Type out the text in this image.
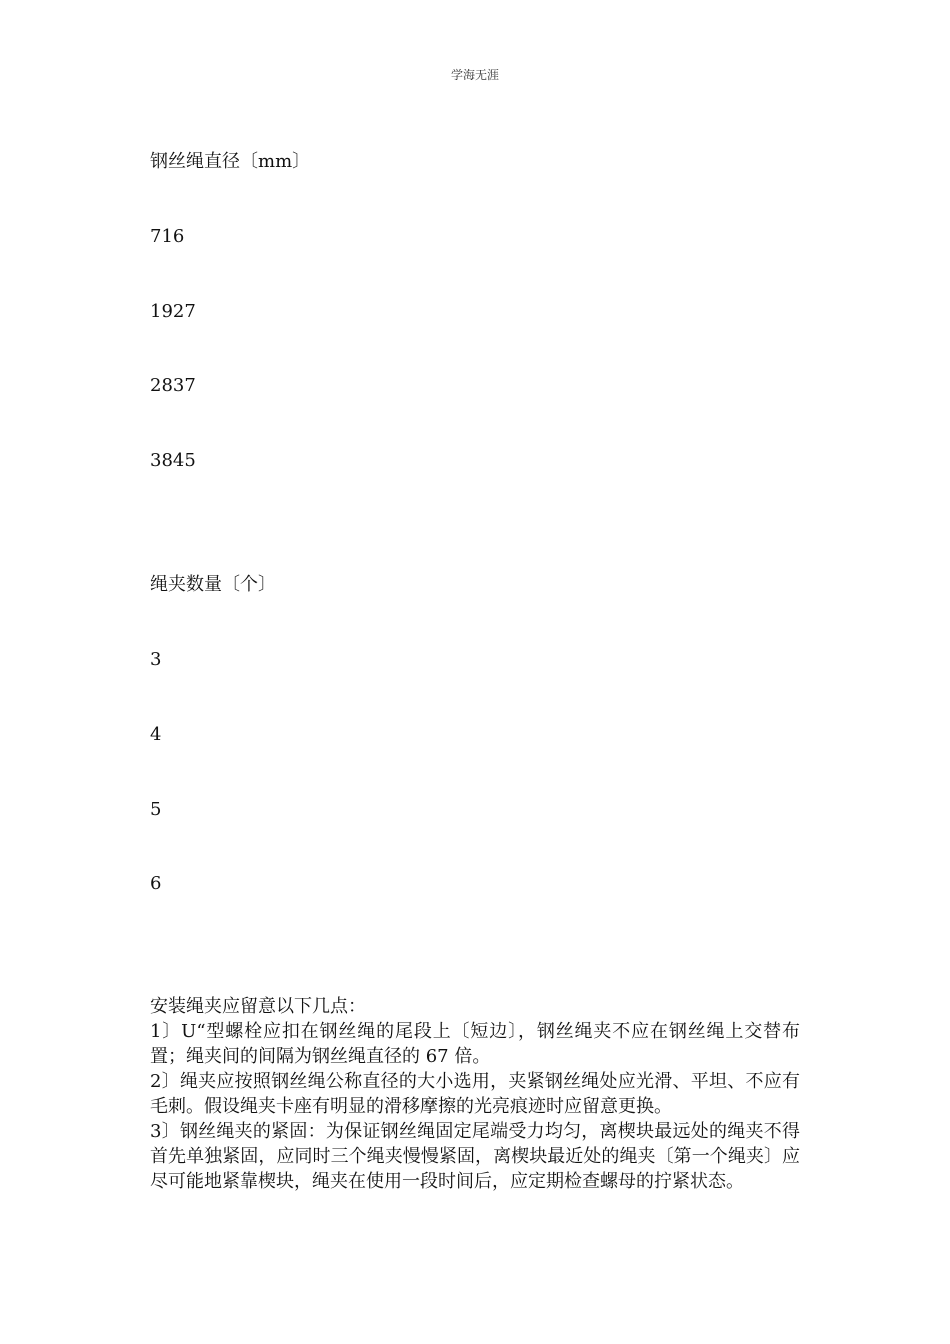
学海无涯
钢丝绳直径〔mm〕
716
1927
2837
3845
绳夹数量〔个〕
3
4
5
6
安装绳夹应留意以下几点：
1〕U“型螺栓应扣在钢丝绳的尾段上〔短边〕，钢丝绳夹不应在钢丝绳上交替布置；绳夹间的间隔为钢丝绳直径的 67 倍。
2〕绳夹应按照钢丝绳公称直径的大小选用，夹紧钢丝绳处应光滑、平坦、不应有毛刺。假设绳夹卡座有明显的滑移摩擦的光亮痕迹时应留意更换。
3〕钢丝绳夹的紧固：为保证钢丝绳固定尾端受力均匀，离楔块最远处的绳夹不得首先单独紧固，应同时三个绳夹慢慢紧固，离楔块最近处的绳夹〔第一个绳夹〕应尽可能地紧靠楔块，绳夹在使用一段时间后，应定期检查螺母的拧紧状态。
